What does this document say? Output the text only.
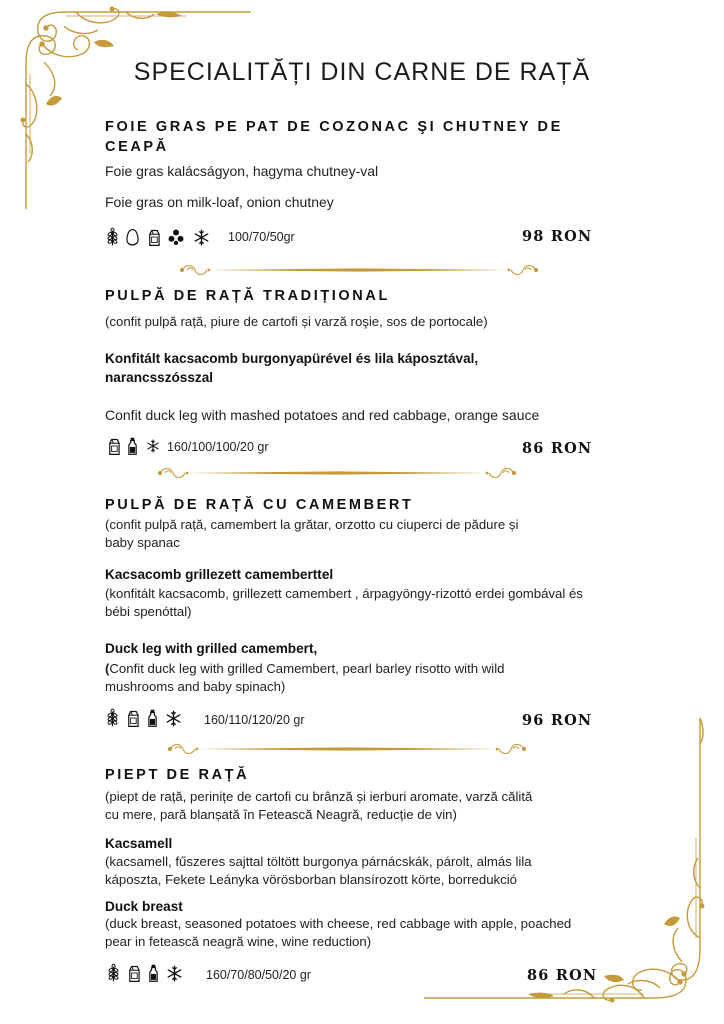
SPECIALITĂȚI DIN CARNE DE RAȚĂ
FOIE GRAS PE PAT DE COZONAC ŞI CHUTNEY DE CEAPĂ
Foie gras kalácságyon, hagyma chutney-val
Foie gras on milk-loaf, onion chutney

100/70/50gr	98 RON
PULPĂ DE RAȚĂ TRADIȚIONAL
(confit pulpă rață, piure de cartofi și varză roşie, sos de portocale)
Konfitált kacsacomb burgonyapürével és lila káposztával, narancsszósszal
Confit duck leg with mashed potatoes and red cabbage, orange sauce

160/100/100/20 gr	86 RON
PULPĂ DE RAȚĂ CU CAMEMBERT
(confit pulpă rață, camembert la grătar, orzotto cu ciuperci de pădure și baby spanac
Kacsacomb grillezett camemberttel
(konfitált kacsacomb, grillezett camembert , árpagyöngy-rizottó erdei gombával és bébi spenóttal)
Duck leg with grilled camembert,
(Confit duck leg with grilled Camembert, pearl barley risotto with wild mushrooms and baby spinach)

160/110/120/20 gr	96 RON
PIEPT DE RAȚĂ
(piept de rață, perinițe de cartofi cu brânză și ierburi aromate, varză călită cu mere, pară blanșată în Fetească Neagră, reducție de vin)
Kacsamell
(kacsamell, fűszeres sajttal töltött burgonya párnácskák, párolt, almás lila káposzta, Fekete Leányka vörösborban blansírozott körte, borredukció
Duck breast
(duck breast, seasoned potatoes with cheese, red cabbage with apple, poached pear in fetească neagră wine, wine reduction)

160/70/80/50/20 gr	86 RON
